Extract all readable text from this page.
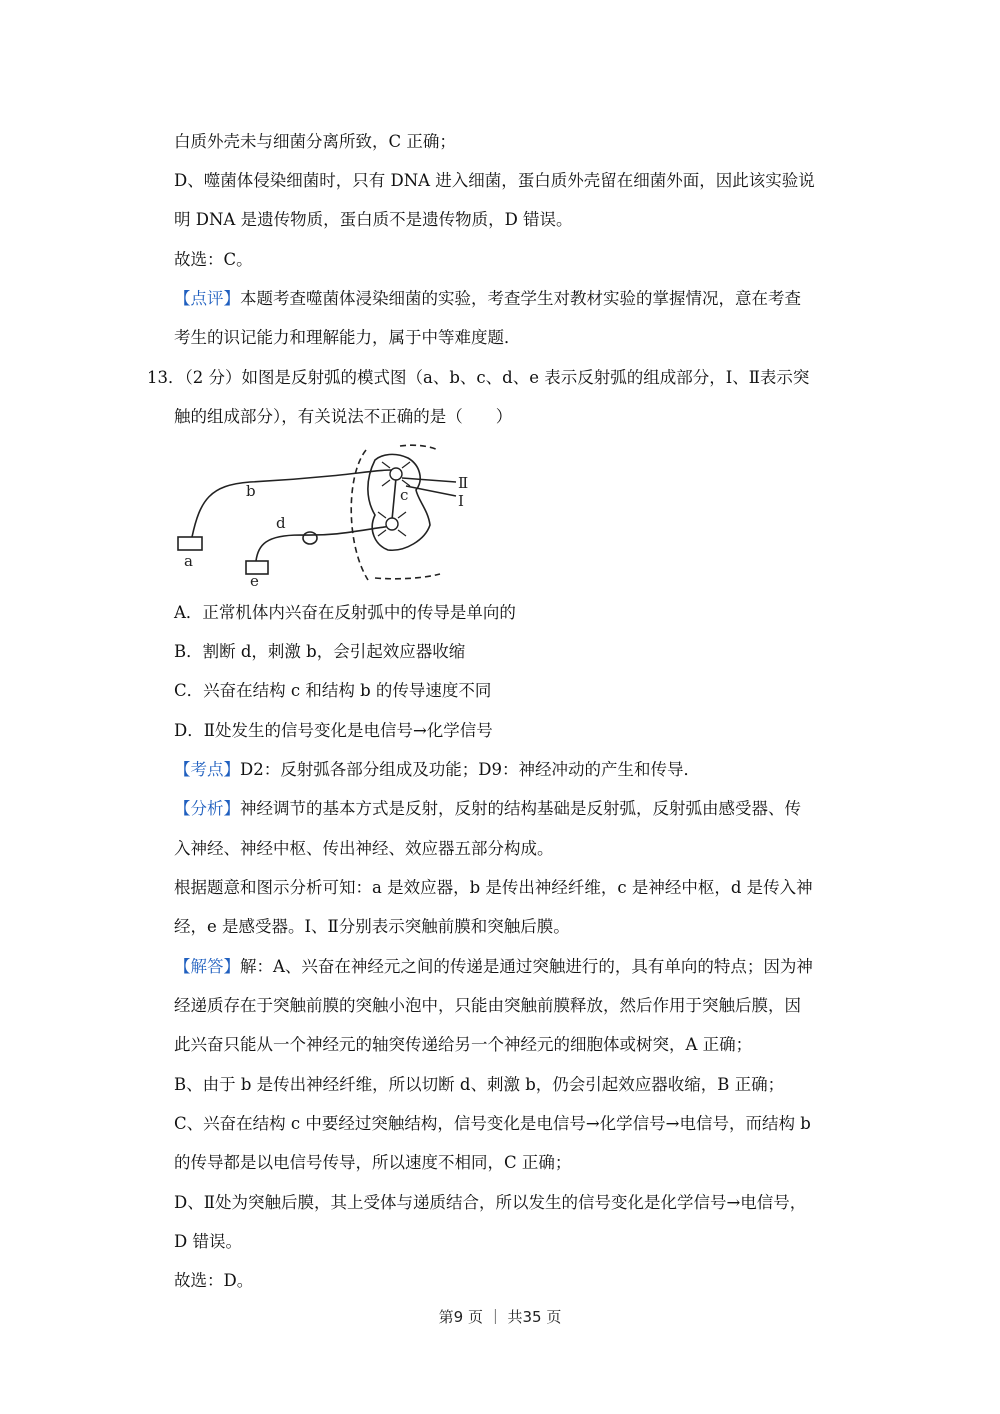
白质外壳未与细菌分离所致，C 正确；
D、噬菌体侵染细菌时，只有 DNA 进入细菌，蛋白质外壳留在细菌外面，因此该实验说
明 DNA 是遗传物质，蛋白质不是遗传物质，D 错误。
故选：C。
【点评】本题考查噬菌体浸染细菌的实验，考查学生对教材实验的掌握情况，意在考查
考生的识记能力和理解能力，属于中等难度题．
13．（2 分）如图是反射弧的模式图（a、b、c、d、e 表示反射弧的组成部分，Ⅰ、Ⅱ表示突
触的组成部分），有关说法不正确的是（　　）
a
b	c
d
e
Ⅱ
Ⅰ
A．正常机体内兴奋在反射弧中的传导是单向的
B．割断 d，刺激 b，会引起效应器收缩
C．兴奋在结构 c 和结构 b 的传导速度不同
D．Ⅱ处发生的信号变化是电信号→化学信号
【考点】D2：反射弧各部分组成及功能；D9：神经冲动的产生和传导．
【分析】神经调节的基本方式是反射，反射的结构基础是反射弧，反射弧由感受器、传
入神经、神经中枢、传出神经、效应器五部分构成。
根据题意和图示分析可知：a 是效应器，b 是传出神经纤维，c 是神经中枢，d 是传入神
经，e 是感受器。Ⅰ、Ⅱ分别表示突触前膜和突触后膜。
【解答】解：A、兴奋在神经元之间的传递是通过突触进行的，具有单向的特点；因为神
经递质存在于突触前膜的突触小泡中，只能由突触前膜释放，然后作用于突触后膜，因
此兴奋只能从一个神经元的轴突传递给另一个神经元的细胞体或树突，A 正确；
B、由于 b 是传出神经纤维，所以切断 d、刺激 b，仍会引起效应器收缩，B 正确；
C、兴奋在结构 c 中要经过突触结构，信号变化是电信号→化学信号→电信号，而结构 b
的传导都是以电信号传导，所以速度不相同，C 正确；
D、Ⅱ处为突触后膜，其上受体与递质结合，所以发生的信号变化是化学信号→电信号，
D 错误。
故选：D。
第9 页 ｜ 共35 页
